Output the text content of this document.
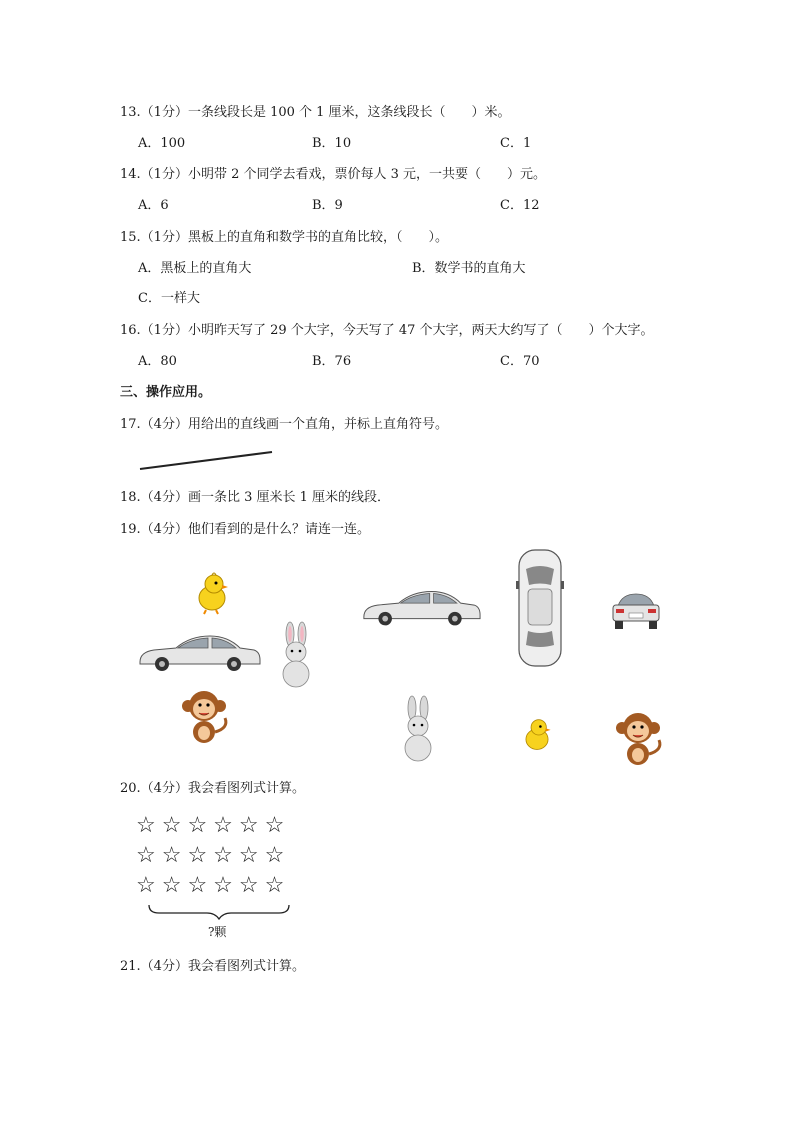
13.（1分）一条线段长是 100 个 1 厘米，这条线段长（　　）米。
A．100	B．10	C．1
14.（1分）小明带 2 个同学去看戏，票价每人 3 元，一共要（　　）元。
A．6	B．9	C．12
15.（1分）黑板上的直角和数学书的直角比较，（　　）。
A．黑板上的直角大	B．数学书的直角大
C．一样大
16.（1分）小明昨天写了 29 个大字，今天写了 47 个大字，两天大约写了（　　）个大字。
A．80	B．76	C．70
三、操作应用。
17.（4分）用给出的直线画一个直角，并标上直角符号。
18.（4分）画一条比 3 厘米长 1 厘米的线段．
19.（4分）他们看到的是什么？请连一连。
20.（4分）我会看图列式计算。
☆☆☆☆☆☆
☆☆☆☆☆☆
☆☆☆☆☆☆
?颗
21.（4分）我会看图列式计算。
